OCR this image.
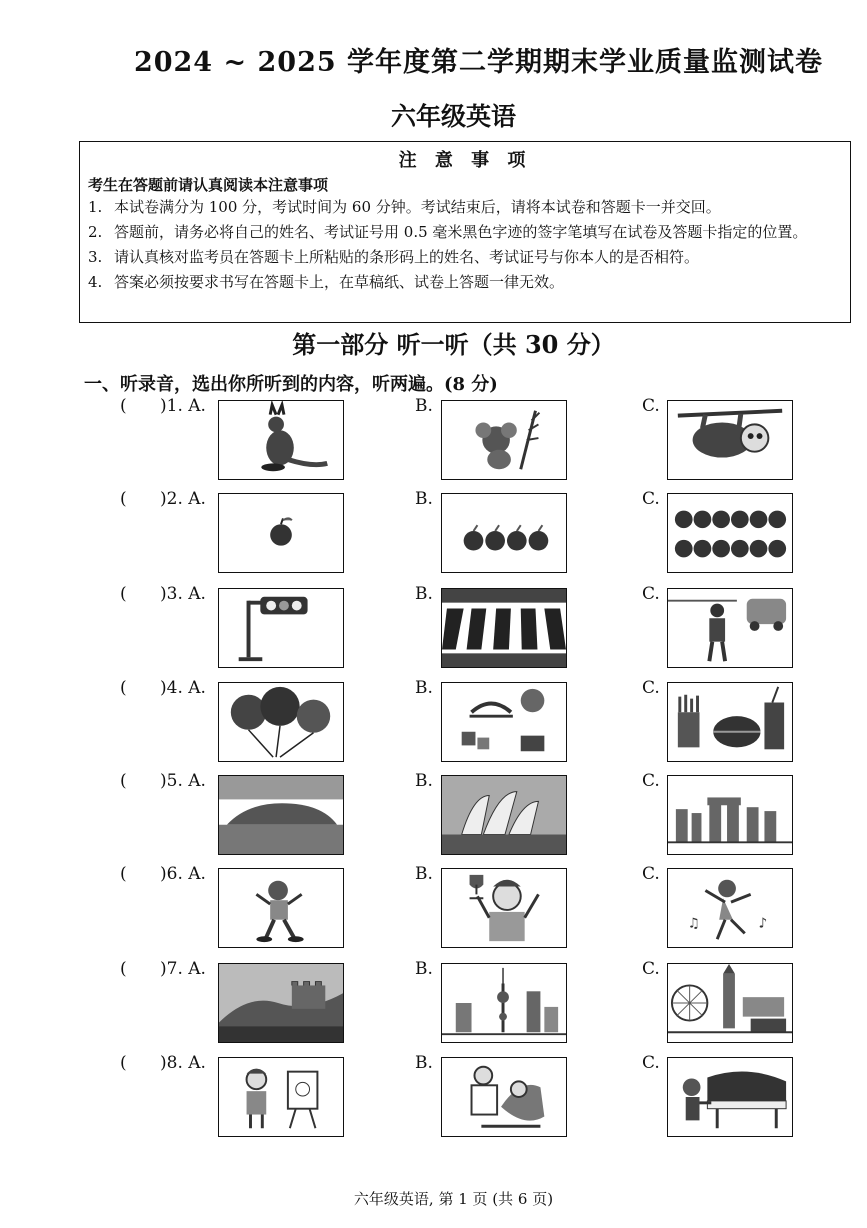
2024 ~ 2025 学年度第二学期期末学业质量监测试卷
六年级英语
注 意 事 项
考生在答题前请认真阅读本注意事项
1. 本试卷满分为 100 分，考试时间为 60 分钟。考试结束后，请将本试卷和答题卡一并交回。
2. 答题前，请务必将自己的姓名、考试证号用 0.5 毫米黑色字迹的签字笔填写在试卷及答题卡指定的位置。
3. 请认真核对监考员在答题卡上所粘贴的条形码上的姓名、考试证号与你本人的是否相符。
4. 答案必须按要求书写在答题卡上，在草稿纸、试卷上答题一律无效。
第一部分 听一听（共 30 分）
一、听录音，选出你所听到的内容，听两遍。(8 分)
( )1. A.	B.	C.
( )2. A.	B.	C.
( )3. A.	B.	C.
( )4. A.	B.	C.
( )5. A.	B.	C.
( )6. A.	B.	C.
♪
♫
( )7. A.	B.	C.
( )8. A.	B.	C.
六年级英语, 第 1 页 (共 6 页)
